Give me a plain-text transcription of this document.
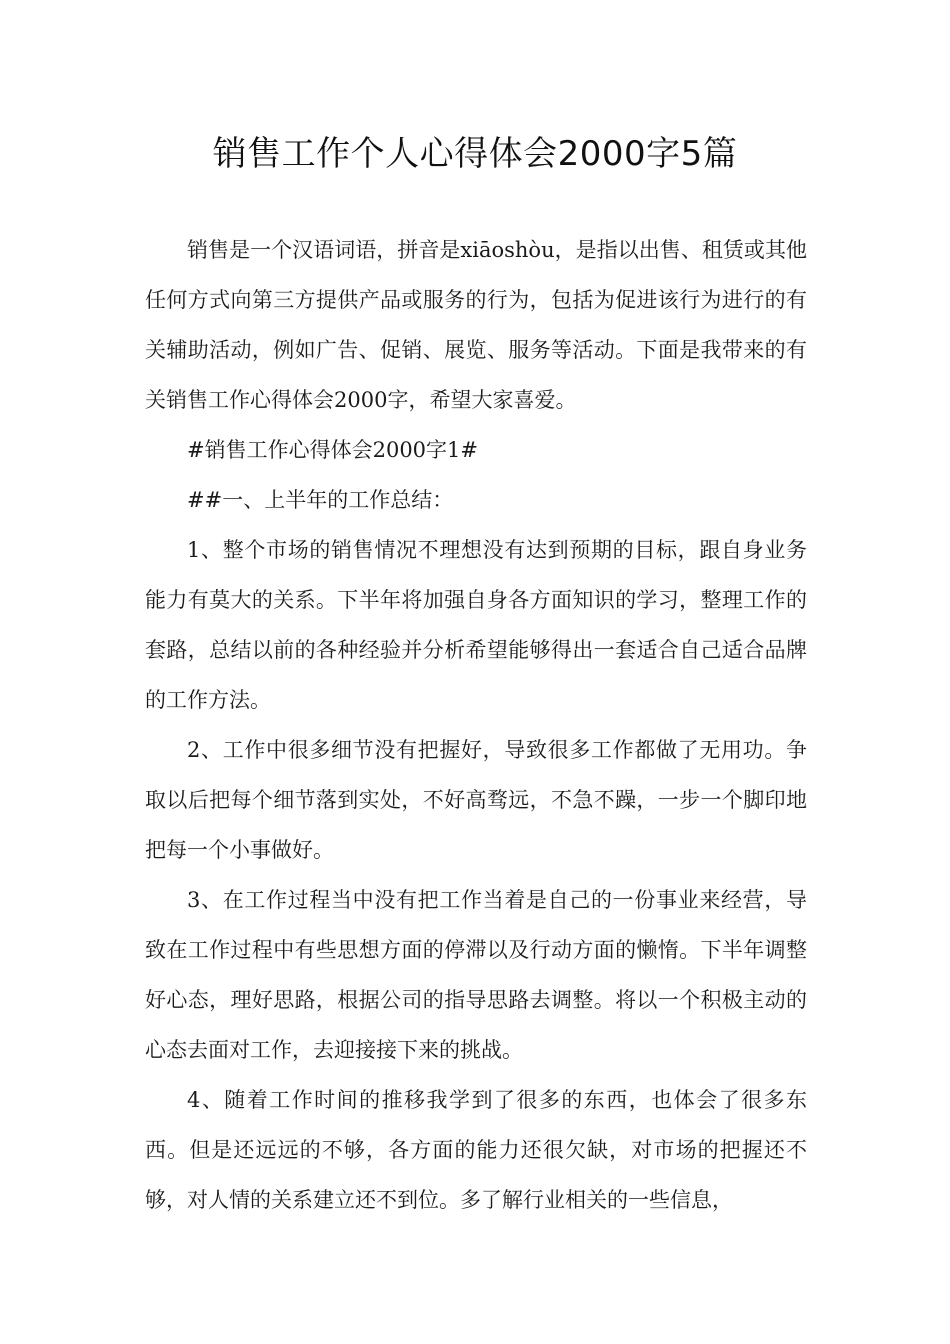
销售工作个人心得体会2000字5篇

销售是一个汉语词语，拼音是xiāoshòu，是指以出售、租赁或其他任何方式向第三方提供产品或服务的行为，包括为促进该行为进行的有关辅助活动，例如广告、促销、展览、服务等活动。下面是我带来的有关销售工作心得体会2000字，希望大家喜爱。

#销售工作心得体会2000字1#

##一、上半年的工作总结：

1、整个市场的销售情况不理想没有达到预期的目标，跟自身业务能力有莫大的关系。下半年将加强自身各方面知识的学习，整理工作的套路，总结以前的各种经验并分析希望能够得出一套适合自己适合品牌的工作方法。

2、工作中很多细节没有把握好，导致很多工作都做了无用功。争取以后把每个细节落到实处，不好高骛远，不急不躁，一步一个脚印地把每一个小事做好。

3、在工作过程当中没有把工作当着是自己的一份事业来经营，导致在工作过程中有些思想方面的停滞以及行动方面的懒惰。下半年调整好心态，理好思路，根据公司的指导思路去调整。将以一个积极主动的心态去面对工作，去迎接接下来的挑战。

4、随着工作时间的推移我学到了很多的东西，也体会了很多东西。但是还远远的不够，各方面的能力还很欠缺，对市场的把握还不够，对人情的关系建立还不到位。多了解行业相关的一些信息，
